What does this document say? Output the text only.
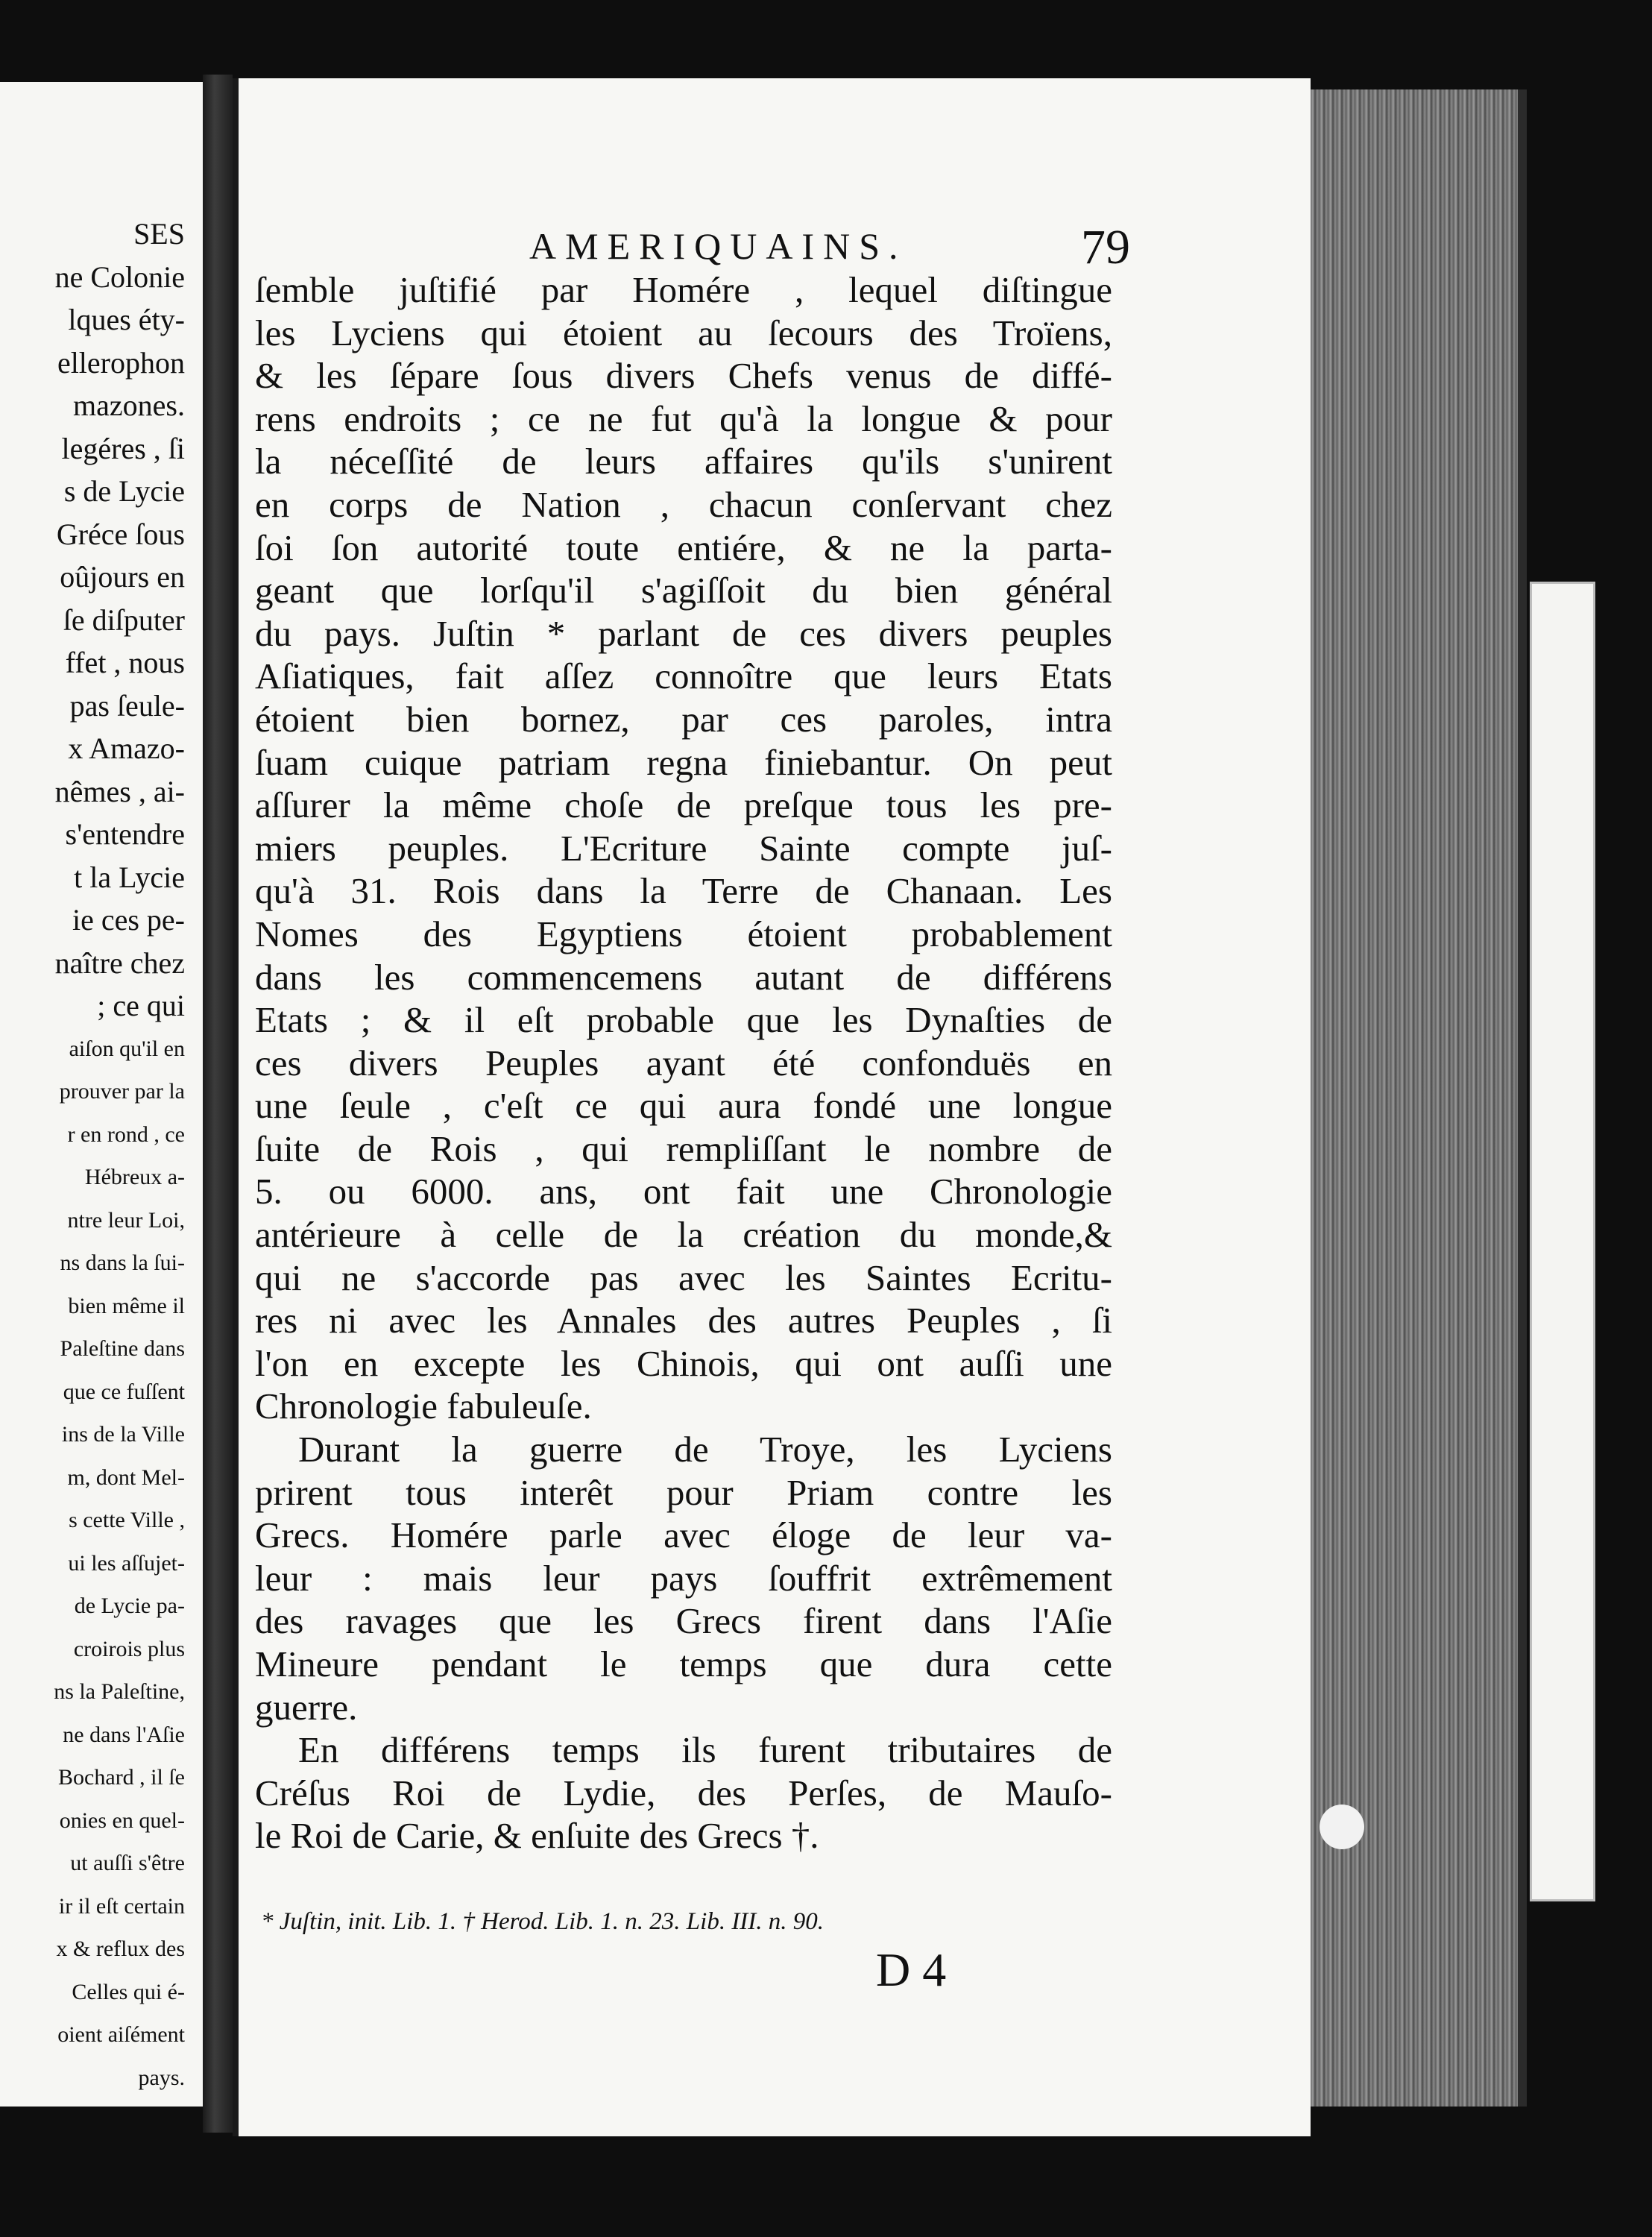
SES
ne Colonie
lques éty-
ellerophon
mazones.
legéres , ſi
s de Lycie
Gréce ſous
oûjours en
ſe diſputer
ffet , nous
pas ſeule-
x Amazo-
nêmes , ai-
s'entendre
t la Lycie
ie ces pe-
naître chez
; ce qui
aiſon qu'il en
prouver par la
r en rond , ce
Hébreux a-
ntre leur Loi,
ns dans la ſui-
bien même il
Paleſtine dans
que ce fuſſent
ins de la Ville
m, dont Mel-
s cette Ville ,
ui les aſſujet-
de Lycie pa-
croirois plus
ns la Paleſtine,
ne dans l'Aſie
Bochard , il ſe
onies en quel-
ut auſſi s'être
ir il eſt certain
x & reflux des
Celles qui é-
oient aiſément
pays.
AMERIQUAINS.	79
ſemble juſtifié par Homére , lequel diſtingue
les Lyciens qui étoient au ſecours des Troïens,
& les ſépare ſous divers Chefs venus de diffé-
rens endroits ; ce ne fut qu'à la longue & pour
la néceſſité de leurs affaires qu'ils s'unirent
en corps de Nation , chacun conſervant chez
ſoi ſon autorité toute entiére, & ne la parta-
geant que lorſqu'il s'agiſſoit du bien général
du pays. Juſtin * parlant de ces divers peuples
Aſiatiques, fait aſſez connoître que leurs Etats
étoient bien bornez, par ces paroles, intra
ſuam cuique patriam regna finiebantur. On peut
aſſurer la même choſe de preſque tous les pre-
miers peuples. L'Ecriture Sainte compte juſ-
qu'à 31. Rois dans la Terre de Chanaan. Les
Nomes des Egyptiens étoient probablement
dans les commencemens autant de différens
Etats ; & il eſt probable que les Dynaſties de
ces divers Peuples ayant été confonduës en
une ſeule , c'eſt ce qui aura fondé une longue
ſuite de Rois , qui rempliſſant le nombre de
5. ou 6000. ans, ont fait une Chronologie
antérieure à celle de la création du monde,&
qui ne s'accorde pas avec les Saintes Ecritu-
res ni avec les Annales des autres Peuples , ſi
l'on en excepte les Chinois, qui ont auſſi une
Chronologie fabuleuſe.
Durant la guerre de Troye, les Lyciens
prirent tous interêt pour Priam contre les
Grecs. Homére parle avec éloge de leur va-
leur : mais leur pays ſouffrit extrêmement
des ravages que les Grecs firent dans l'Aſie
Mineure pendant le temps que dura cette
guerre.
En différens temps ils furent tributaires de
Créſus Roi de Lydie, des Perſes, de Mauſo-
le Roi de Carie, & enſuite des Grecs †.
* Juſtin, init. Lib. 1. † Herod. Lib. 1. n. 23. Lib. III. n. 90.
D 4
